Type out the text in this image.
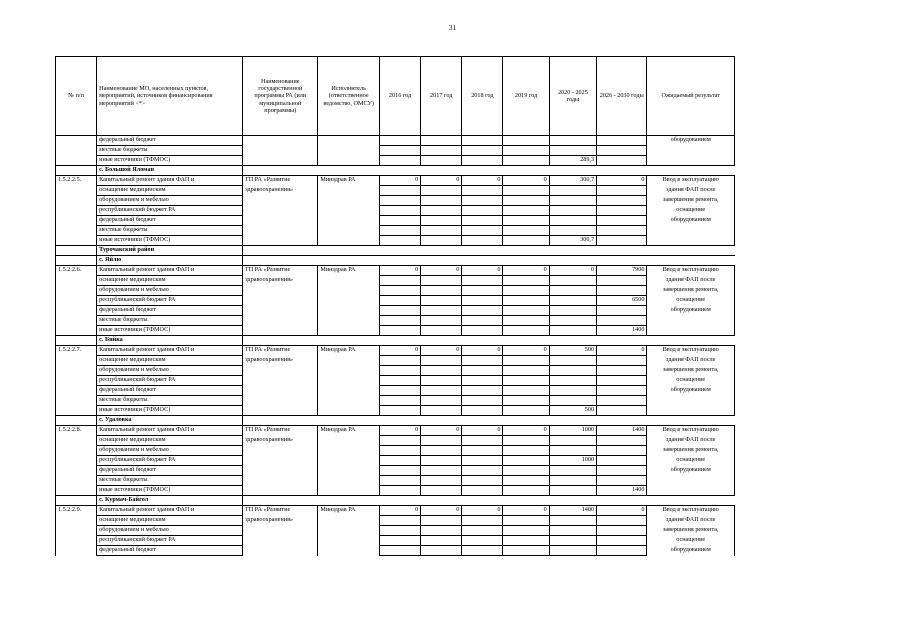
31
№ п/п	Наименование МО, населенных пунктов, мероприятий, источников финансирования мероприятий <*>	Наименование государственной программы РА (или муниципальной программы)	Исполнитель (ответственное ведомство, ОМСУ)	2016 год	2017 год	2018 год	2019 год	2020 - 2025 годы	2026 - 2030 годы	Ожидаемый результат
	федеральный бюджет									оборудованием
	местные бюджеты									
	иные источники (ТФМОС)							289,3		
	с. Большой Яломан									
1.5.2.2.5.	Капитальный ремонт здания ФАП и	ГП РА «Развитие	Минздрав РА	0	0	0	0	300,7	0	Ввод в эксплуатацию
	оснащение медицинским	здравоохранения»								здания ФАП после
	оборудованием и мебелью									завершения ремонта,
	республиканский бюджет РА									оснащение
	федеральный бюджет									оборудованием
	местные бюджеты									
	иные источники (ТФМОС)							300,7		
	Турочакский район									
	с. Яйлю									
1.5.2.2.6.	Капитальный ремонт здания ФАП и	ГП РА «Развитие	Минздрав РА	0	0	0	0	0	7900	Ввод в эксплуатацию
	оснащение медицинским	здравоохранения»								здания ФАП после
	оборудованием и мебелью									завершения ремонта,
	республиканский бюджет РА								6500	оснащение
	федеральный бюджет									оборудованием
	местные бюджеты									
	иные источники (ТФМОС)								1400	
	с. Бийка									
1.5.2.2.7.	Капитальный ремонт здания ФАП и	ГП РА «Развитие	Минздрав РА	0	0	0	0	500	0	Ввод в эксплуатацию
	оснащение медицинским	здравоохранения»								здания ФАП после
	оборудованием и мебелью									завершения ремонта,
	республиканский бюджет РА									оснащение
	федеральный бюджет									оборудованием
	местные бюджеты									
	иные источники (ТФМОС)							500		
	с. Удаловка									
1.5.2.2.8.	Капитальный ремонт здания ФАП и	ГП РА «Развитие	Минздрав РА	0	0	0	0	1000	1400	Ввод в эксплуатацию
	оснащение медицинским	здравоохранения»								здания ФАП после
	оборудованием и мебелью									завершения ремонта,
	республиканский бюджет РА							1000		оснащение
	федеральный бюджет									оборудованием
	местные бюджеты									
	иные источники (ТФМОС)								1400	
	с. Курмач-Байгол									
1.5.2.2.9.	Капитальный ремонт здания ФАП и	ГП РА «Развитие	Минздрав РА	0	0	0	0	1400	0	Ввод в эксплуатацию
	оснащение медицинским	здравоохранения»								здания ФАП после
	оборудованием и мебелью									завершения ремонта,
	республиканский бюджет РА									оснащение
	федеральный бюджет									оборудованием
